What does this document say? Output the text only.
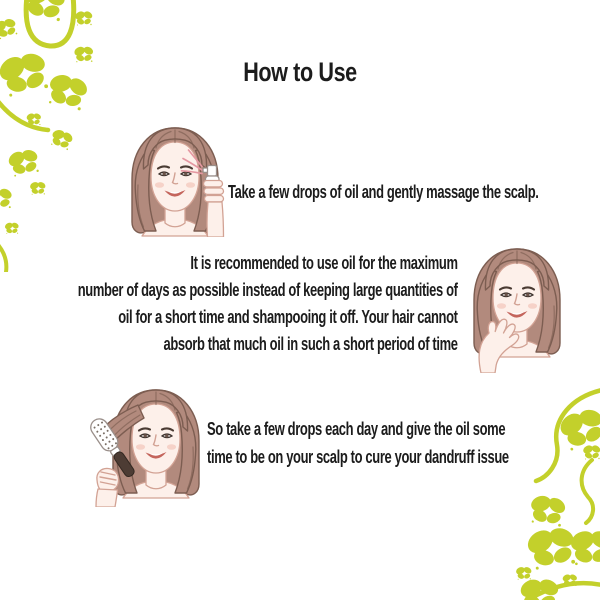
How to Use
Take a few drops of oil and gently massage the scalp.
It is recommended to use oil for the maximum
number of days as possible instead of keeping large quantities of
oil for a short time and shampooing it off. Your hair cannot
absorb that much oil in such a short period of time
So take a few drops each day and give the oil some
time to be on your scalp to cure your dandruff issue
